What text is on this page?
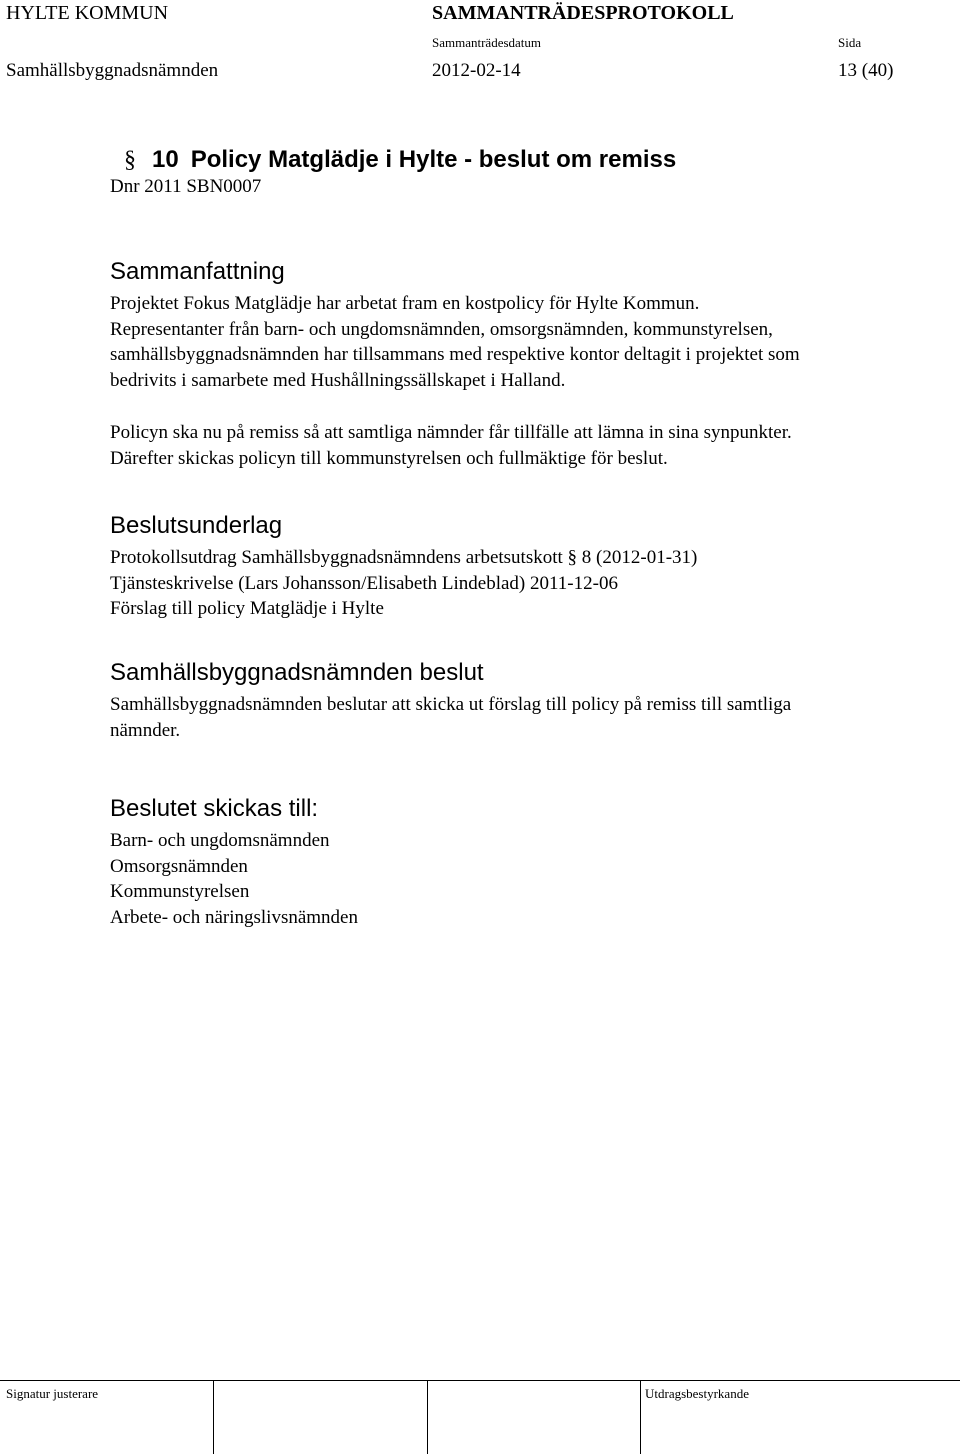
HYLTE KOMMUN	SAMMANTRÄDESPROTOKOLL
Sammanträdesdatum	Sida
Samhällsbyggnadsnämnden	2012-02-14	13 (40)
§ 10 Policy Matglädje i Hylte - beslut om remiss
Dnr 2011 SBN0007
Sammanfattning
Projektet Fokus Matglädje har arbetat fram en kostpolicy för Hylte Kommun.
Representanter från barn- och ungdomsnämnden, omsorgsnämnden, kommunstyrelsen,
samhällsbyggnadsnämnden har tillsammans med respektive kontor deltagit i projektet som
bedrivits i samarbete med Hushållningssällskapet i Halland.
Policyn ska nu på remiss så att samtliga nämnder får tillfälle att lämna in sina synpunkter.
Därefter skickas policyn till kommunstyrelsen och fullmäktige för beslut.
Beslutsunderlag
Protokollsutdrag Samhällsbyggnadsnämndens arbetsutskott § 8 (2012-01-31)
Tjänsteskrivelse (Lars Johansson/Elisabeth Lindeblad) 2011-12-06
Förslag till policy Matglädje i Hylte
Samhällsbyggnadsnämnden beslut
Samhällsbyggnadsnämnden beslutar att skicka ut förslag till policy på remiss till samtliga
nämnder.
Beslutet skickas till:
Barn- och ungdomsnämnden
Omsorgsnämnden
Kommunstyrelsen
Arbete- och näringslivsnämnden
Signatur justerare	Utdragsbestyrkande
